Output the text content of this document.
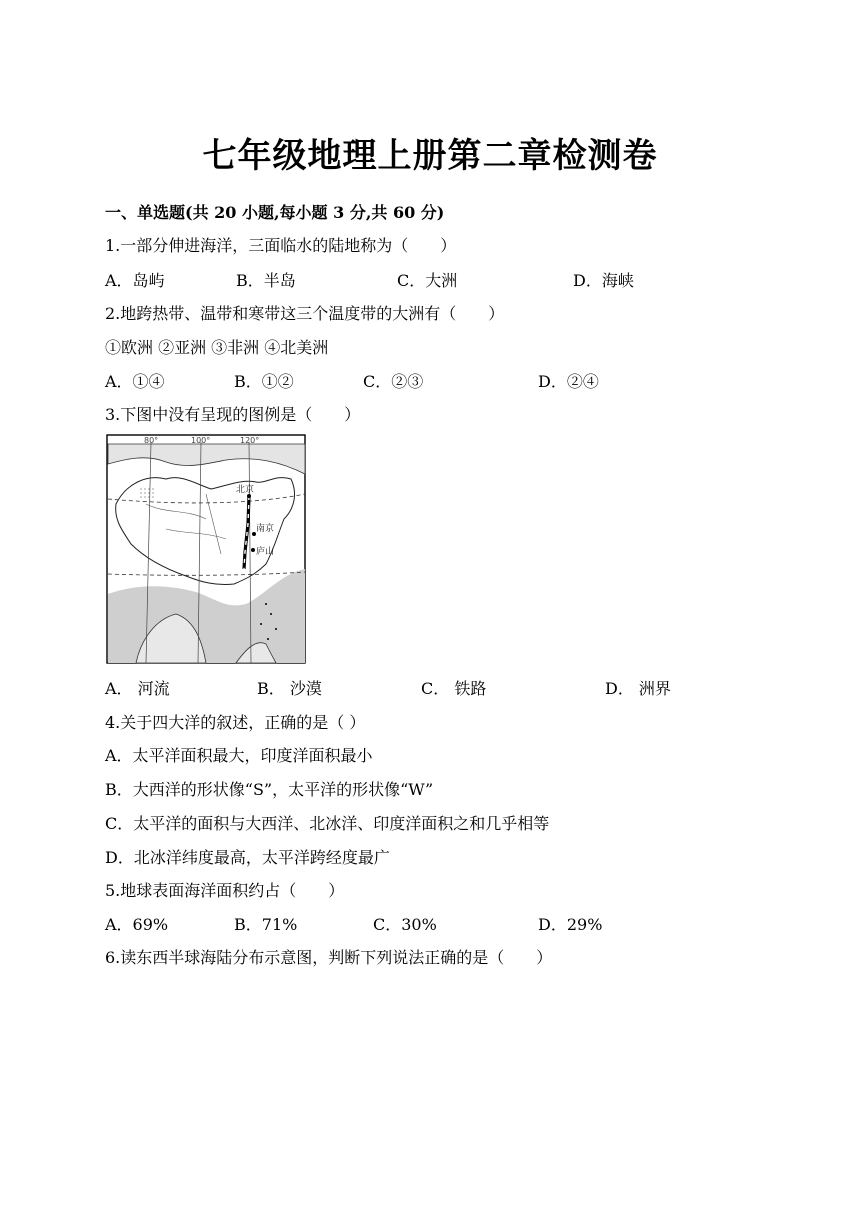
七年级地理上册第二章检测卷
一、单选题(共 20 小题,每小题 3 分,共 60 分)
1.一部分伸进海洋，三面临水的陆地称为（　　）
A．岛屿	B．半岛	C．大洲	D．海峡
2.地跨热带、温带和寒带这三个温度带的大洲有（　　）
①欧洲 ②亚洲 ③非洲 ④北美洲
A．①④	B．①②	C．②③	D．②④
3.下图中没有呈现的图例是（　　）
80°	100°	120°
北京
南京
庐山
A． 河流	B． 沙漠	C． 铁路	D． 洲界
4.关于四大洋的叙述，正确的是（ ）
A．太平洋面积最大，印度洋面积最小
B．大西洋的形状像“S”，太平洋的形状像“W”
C．太平洋的面积与大西洋、北冰洋、印度洋面积之和几乎相等
D．北冰洋纬度最高，太平洋跨经度最广
5.地球表面海洋面积约占（　　）
A．69%	B．71%	C．30%	D．29%
6.读东西半球海陆分布示意图，判断下列说法正确的是（　　）
